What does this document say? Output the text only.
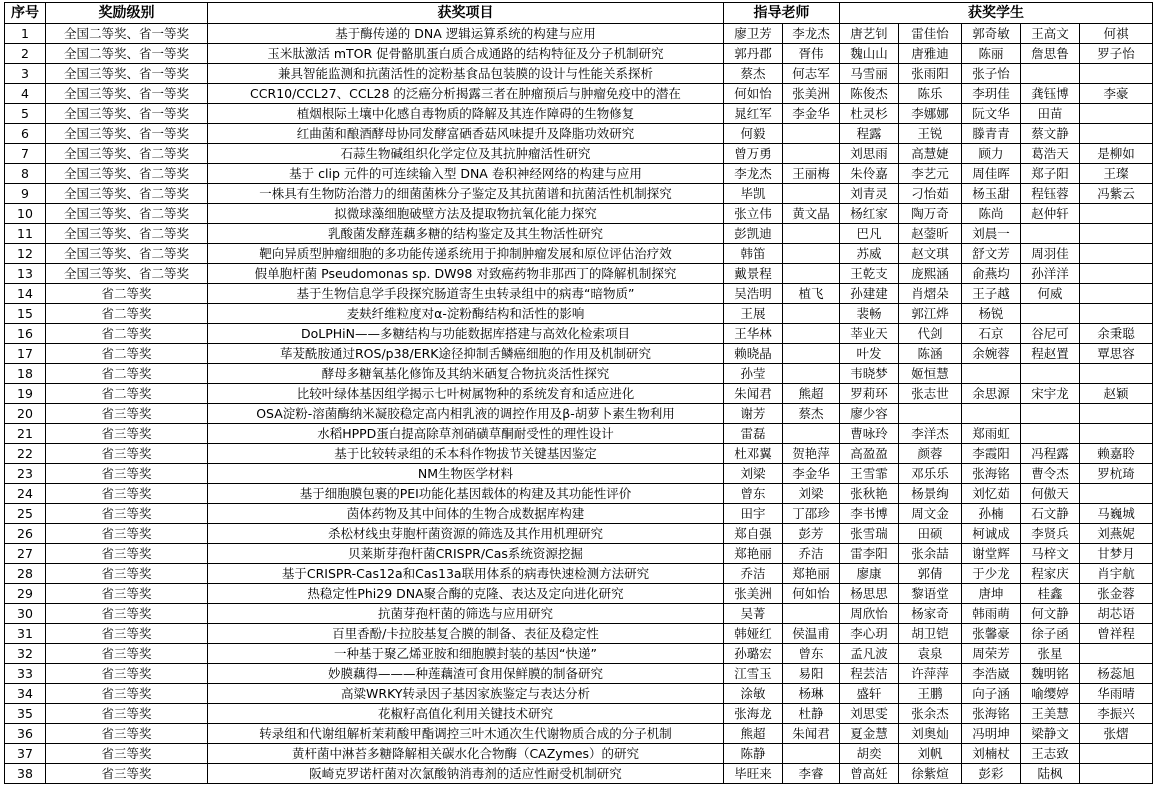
序号	奖励级别	获奖项目	指导老师		获奖学生				
1	全国二等奖、省一等奖	基于酶传递的 DNA 逻辑运算系统的构建与应用	廖卫芳	李龙杰	唐艺钊	雷佳怡	郭奇敏	王高文	何祺
2	全国二等奖、省一等奖	玉米肽激活 mTOR 促骨骼肌蛋白质合成通路的结构特征及分子机制研究	郭丹郡	胥伟	魏山山	唐雅迪	陈丽	詹思鲁	罗子怡
3	全国三等奖、省一等奖	兼具智能监测和抗菌活性的淀粉基食品包装膜的设计与性能关系探析	蔡杰	何志军	马雪丽	张雨阳	张子怡		
4	全国三等奖、省一等奖	CCR10/CCL27、CCL28 的泛癌分析揭露三者在肿瘤预后与肿瘤免疫中的潜在	何如怡	张美洲	陈俊杰	陈乐	李玥佳	龚钰博	李豪
5	全国三等奖、省一等奖	植烟根际土壤中化感自毒物质的降解及其连作障碍的生物修复	晁红军	李金华	杜灵杉	李娜娜	阮文华	田苗	
6	全国三等奖、省一等奖	红曲菌和酿酒酵母协同发酵富硒香菇风味提升及降脂功效研究	何毅		程露	王锐	滕青青	蔡文静	
7	全国三等奖、省二等奖	石蒜生物碱组织化学定位及其抗肿瘤活性研究	曾万勇		刘思雨	高慧婕	顾力	葛浩天	是柳如
8	全国三等奖、省二等奖	基于 clip 元件的可连续输入型 DNA 卷积神经网络的构建与应用	李龙杰	王丽梅	朱伶嘉	李艺元	周佳晖	郑子阳	王璨
9	全国三等奖、省二等奖	一株具有生物防治潜力的细菌菌株分子鉴定及其抗菌谱和抗菌活性机制探究	毕凯		刘青灵	刁怡茹	杨玉甜	程钰蓉	冯紫云
10	全国三等奖、省二等奖	拟微球藻细胞破壁方法及提取物抗氧化能力探究	张立伟	黄文晶	杨红家	陶万奇	陈尚	赵仲轩	
11	全国三等奖、省二等奖	乳酸菌发酵莲藕多糖的结构鉴定及其生物活性研究	彭凯迪		巴凡	赵蓥昕	刘晨一		
12	全国三等奖、省二等奖	靶向异质型肿瘤细胞的多功能传递系统用于抑制肿瘤发展和原位评估治疗效	韩笛		苏威	赵文琪	舒文芳	周羽佳	
13	全国三等奖、省二等奖	假单胞杆菌 Pseudomonas sp. DW98 对致癌药物非那西丁的降解机制探究	戴景程		王乾支	庞熙涵	俞燕均	孙洋洋	
14	省二等奖	基于生物信息学手段探究肠道寄生虫转录组中的病毒“暗物质”	吴浩明	植飞	孙建建	肖熠朵	王子越	何威	
15	省二等奖	麦麸纤维粒度对α-淀粉酶结构和活性的影响	王展		裴畅	郭江烨	杨锐		
16	省二等奖	DoLPHiN——多糖结构与功能数据库搭建与高效化检索项目	王华林		莘业天	代剑	石京	谷尼可	余秉聪
17	省二等奖	荜茇酰胺通过ROS/p38/ERK途径抑制舌鳞癌细胞的作用及机制研究	赖晓晶		叶发	陈涵	余婉蓉	程赵置	覃思容
18	省二等奖	酵母多糖氧基化修饰及其纳米硒复合物抗炎活性探究	孙莹		韦晓梦	姬恒慧			
19	省二等奖	比较叶绿体基因组学揭示七叶树属物种的系统发育和适应进化	朱闻君	熊超	罗莉环	张志世	余思源	宋宇龙	赵颖
20	省三等奖	OSA淀粉-溶菌酶纳米凝胶稳定高内相乳液的调控作用及β-胡萝卜素生物利用	谢芳	蔡杰	廖少容				
21	省三等奖	水稻HPPD蛋白提高除草剂硝磺草酮耐受性的理性设计	雷磊		曹咏玲	李洋杰	郑雨虹		
22	省三等奖	基于比较转录组的禾本科作物拔节关键基因鉴定	杜邓翼	贺艳萍	高盈盈	颜蓉	李霞阳	冯程露	赖嘉聆
23	省三等奖	NM生物医学材料	刘梁	李金华	王雪霏	邓乐乐	张海铭	曹令杰	罗杭琦
24	省三等奖	基于细胞膜包裹的PEI功能化基因载体的构建及其功能性评价	曾东	刘梁	张秋艳	杨景绚	刘忆茹	何傲天	
25	省三等奖	茵体药物及其中间体的生物合成数据库构建	田宇	丁邵珍	李书博	周文金	孙楠	石文静	马巍城
26	省三等奖	杀松材线虫芽胞杆菌资源的筛选及其作用机理研究	郑自强	彭芳	张雪瑞	田硕	柯诚成	李贤兵	刘燕妮
27	省三等奖	贝莱斯芽孢杆菌CRISPR/Cas系统资源挖掘	郑艳丽	乔洁	雷李阳	张余喆	谢堂辉	马梓文	甘梦月
28	省三等奖	基于CRISPR-Cas12a和Cas13a联用体系的病毒快速检测方法研究	乔洁	郑艳丽	廖康	郭倩	于少龙	程家庆	肖宇航
29	省三等奖	热稳定性Phi29 DNA聚合酶的克隆、表达及定向进化研究	张美洲	何如怡	杨思思	黎语堂	唐坤	桂鑫	张金蓉
30	省三等奖	抗菌芽孢杆菌的筛选与应用研究	吴菁		周欣怡	杨家奇	韩雨萌	何文静	胡芯语
31	省三等奖	百里香酚/卡拉胶基复合膜的制备、表征及稳定性	韩娅红	侯温甫	李心玥	胡卫铠	张馨豪	徐子函	曾祥程
32	省三等奖	一种基于聚乙烯亚胺和细胞膜封装的基因“快递”	孙璐宏	曾东	孟凡波	袁泉	周荣芳	张星	
33	省三等奖	妙膜藕得———种莲藕渣可食用保鲜膜的制备研究	江雪玉	易阳	程芸洁	许萍萍	李浩崴	魏明铭	杨蕊旭
34	省三等奖	高粱WRKY转录因子基因家族鉴定与表达分析	涂敏	杨琳	盛轩	王鹏	向子涵	喻缨婷	华雨晴
35	省三等奖	花椒籽高值化利用关键技术研究	张海龙	杜静	刘思雯	张余杰	张海铭	王美慧	李振兴
36	省三等奖	转录组和代谢组解析茉莉酸甲酯调控三叶木通次生代谢物质合成的分子机制	熊超	朱闻君	夏金慧	刘奥灿	冯明坤	梁静文	张熠
37	省三等奖	黄杆菌中淋苔多糖降解相关碳水化合物酶（CAZymes）的研究	陈静		胡奕	刘帆	刘楠杖	王志致	
38	省三等奖	阪崎克罗诺杆菌对次氯酸钠消毒剂的适应性耐受机制研究	毕旺来	李睿	曾高妊	徐紫煊	彭彩	陆枫	
